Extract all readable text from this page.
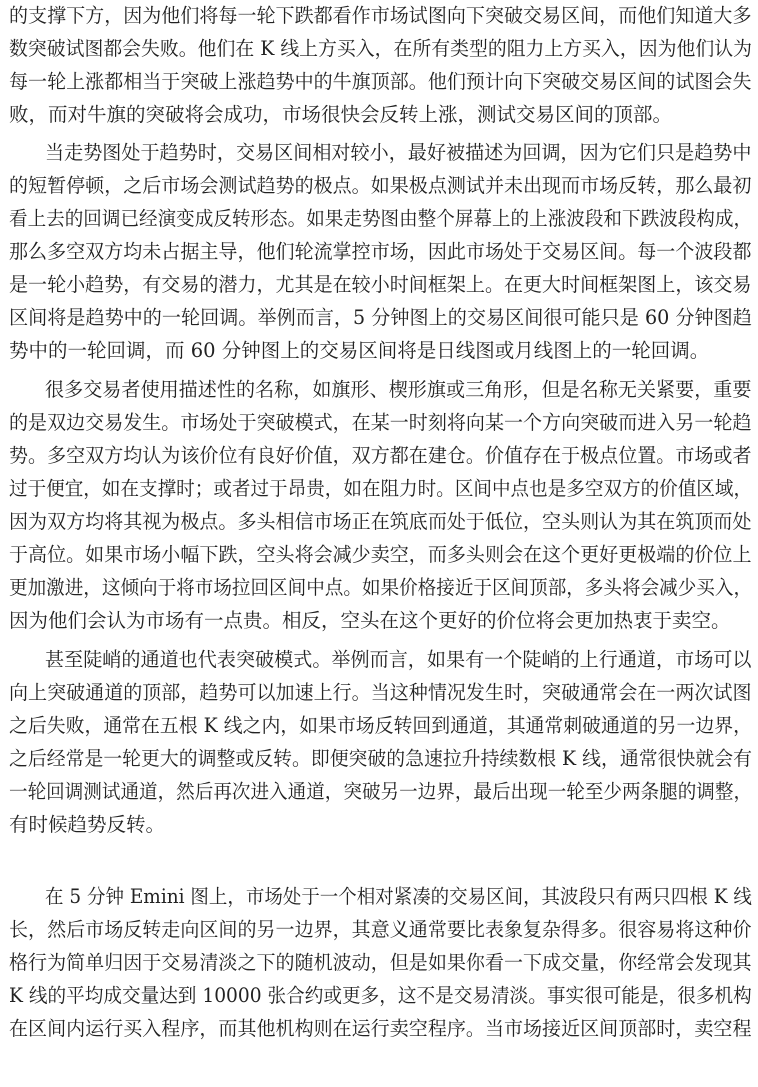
的支撑下方，因为他们将每一轮下跌都看作市场试图向下突破交易区间，而他们知道大多
数突破试图都会失败。他们在 K 线上方买入，在所有类型的阻力上方买入，因为他们认为
每一轮上涨都相当于突破上涨趋势中的牛旗顶部。他们预计向下突破交易区间的试图会失
败，而对牛旗的突破将会成功，市场很快会反转上涨，测试交易区间的顶部。
当走势图处于趋势时，交易区间相对较小，最好被描述为回调，因为它们只是趋势中
的短暂停顿，之后市场会测试趋势的极点。如果极点测试并未出现而市场反转，那么最初
看上去的回调已经演变成反转形态。如果走势图由整个屏幕上的上涨波段和下跌波段构成，
那么多空双方均未占据主导，他们轮流掌控市场，因此市场处于交易区间。每一个波段都
是一轮小趋势，有交易的潜力，尤其是在较小时间框架上。在更大时间框架图上，该交易
区间将是趋势中的一轮回调。举例而言，5 分钟图上的交易区间很可能只是 60 分钟图趋
势中的一轮回调，而 60 分钟图上的交易区间将是日线图或月线图上的一轮回调。
很多交易者使用描述性的名称，如旗形、楔形旗或三角形，但是名称无关紧要，重要
的是双边交易发生。市场处于突破模式，在某一时刻将向某一个方向突破而进入另一轮趋
势。多空双方均认为该价位有良好价值，双方都在建仓。价值存在于极点位置。市场或者
过于便宜，如在支撑时；或者过于昂贵，如在阻力时。区间中点也是多空双方的价值区域，
因为双方均将其视为极点。多头相信市场正在筑底而处于低位，空头则认为其在筑顶而处
于高位。如果市场小幅下跌，空头将会减少卖空，而多头则会在这个更好更极端的价位上
更加激进，这倾向于将市场拉回区间中点。如果价格接近于区间顶部，多头将会减少买入，
因为他们会认为市场有一点贵。相反，空头在这个更好的价位将会更加热衷于卖空。
甚至陡峭的通道也代表突破模式。举例而言，如果有一个陡峭的上行通道，市场可以
向上突破通道的顶部，趋势可以加速上行。当这种情况发生时，突破通常会在一两次试图
之后失败，通常在五根 K 线之内，如果市场反转回到通道，其通常刺破通道的另一边界，
之后经常是一轮更大的调整或反转。即便突破的急速拉升持续数根 K 线，通常很快就会有
一轮回调测试通道，然后再次进入通道，突破另一边界，最后出现一轮至少两条腿的调整，
有时候趋势反转。
在 5 分钟 Emini 图上，市场处于一个相对紧凑的交易区间，其波段只有两只四根 K 线
长，然后市场反转走向区间的另一边界，其意义通常要比表象复杂得多。很容易将这种价
格行为简单归因于交易清淡之下的随机波动，但是如果你看一下成交量，你经常会发现其
K 线的平均成交量达到 10000 张合约或更多，这不是交易清淡。事实很可能是，很多机构
在区间内运行买入程序，而其他机构则在运行卖空程序。当市场接近区间顶部时，卖空程
